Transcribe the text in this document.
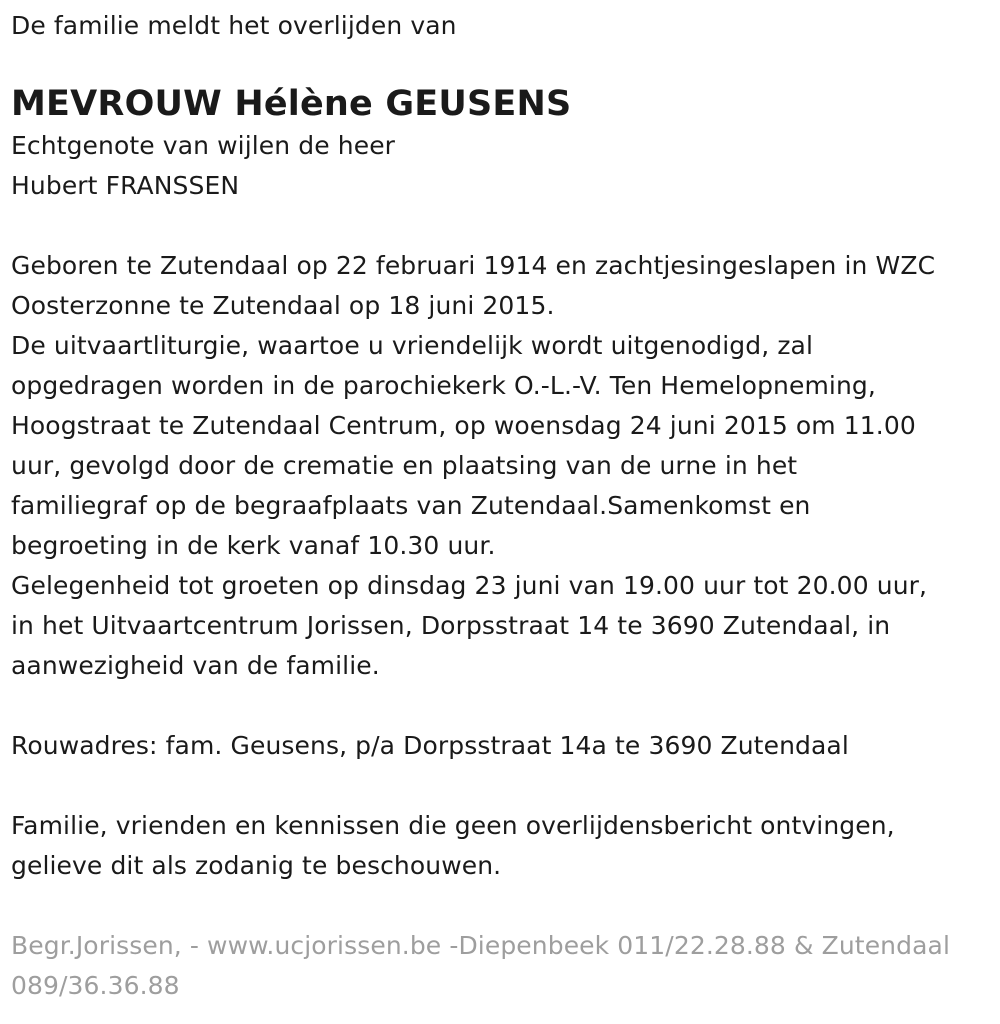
De familie meldt het overlijden van
MEVROUW Hélène GEUSENS
Echtgenote van wijlen de heer
Hubert FRANSSEN
Geboren te Zutendaal op 22 februari 1914 en zachtjesingeslapen in WZC
Oosterzonne te Zutendaal op 18 juni 2015.
De uitvaartliturgie, waartoe u vriendelijk wordt uitgenodigd, zal
opgedragen worden in de parochiekerk O.-L.-V. Ten Hemelopneming,
Hoogstraat te Zutendaal Centrum, op woensdag 24 juni 2015 om 11.00
uur, gevolgd door de crematie en plaatsing van de urne in het
familiegraf op de begraafplaats van Zutendaal.Samenkomst en
begroeting in de kerk vanaf 10.30 uur.
Gelegenheid tot groeten op dinsdag 23 juni van 19.00 uur tot 20.00 uur,
in het Uitvaartcentrum Jorissen, Dorpsstraat 14 te 3690 Zutendaal, in
aanwezigheid van de familie.
Rouwadres: fam. Geusens, p/a Dorpsstraat 14a te 3690 Zutendaal
Familie, vrienden en kennissen die geen overlijdensbericht ontvingen,
gelieve dit als zodanig te beschouwen.
Begr.Jorissen, - www.ucjorissen.be -Diepenbeek 011/22.28.88 & Zutendaal
089/36.36.88
